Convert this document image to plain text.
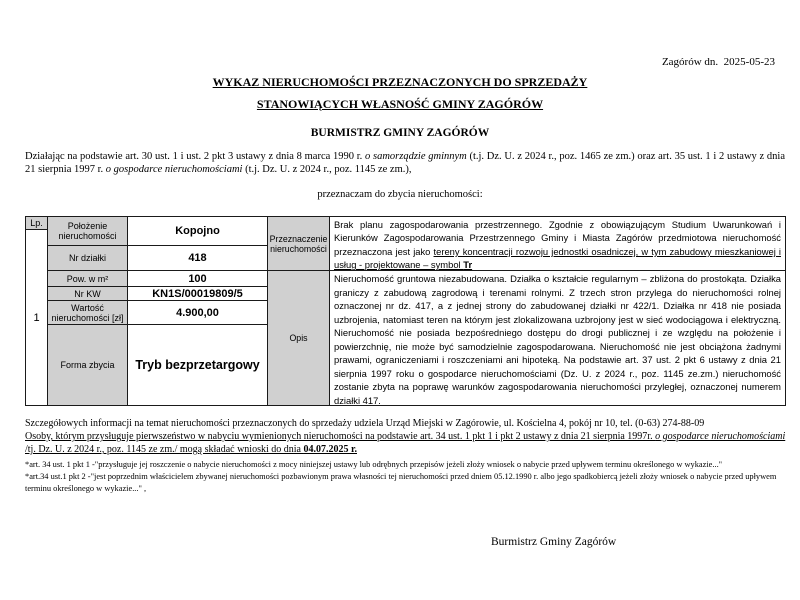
Zagórów dn.  2025-05-23
WYKAZ NIERUCHOMOŚCI PRZEZNACZONYCH DO SPRZEDAŻY
STANOWIĄCYCH WŁASNOŚĆ GMINY ZAGÓRÓW
BURMISTRZ GMINY ZAGÓRÓW
Działając na podstawie art. 30 ust. 1 i ust. 2 pkt 3 ustawy z dnia 8 marca 1990 r. o samorządzie gminnym (t.j. Dz. U. z 2024 r., poz. 1465 ze zm.) oraz art. 35 ust. 1 i 2 ustawy z dnia 21 sierpnia 1997 r. o gospodarce nieruchomościami (t.j. Dz. U. z 2024 r., poz. 1145 ze zm.),
przeznaczam do zbycia nieruchomości:
Lp.
1
Położenie nieruchomości
Nr działki
Pow. w m²
Nr KW
Wartość nieruchomości [zł]
Forma zbycia
Kopojno
418
100
KN1S/00019809/5
4.900,00
Tryb bezprzetargowy
Przeznaczenie nieruchomości
Opis
Brak planu zagospodarowania przestrzennego. Zgodnie z obowiązującym Studium Uwarunkowań i Kierunków Zagospodarowania Przestrzennego Gminy i Miasta Zagórów przedmiotowa nieruchomość przeznaczona jest jako tereny koncentracji rozwoju jednostki osadniczej, w tym zabudowy mieszkaniowej i usług - projektowane – symbol Tr
Nieruchomość gruntowa niezabudowana. Działka o kształcie regularnym – zbliżona do prostokąta. Działka graniczy z zabudową zagrodową i terenami rolnymi. Z trzech stron przylega do nieruchomości rolnej oznaczonej nr dz. 417, a z jednej strony do zabudowanej działki nr 422/1. Działka nr 418 nie posiada uzbrojenia, natomiast teren na którym jest zlokalizowana uzbrojony jest w sieć wodociągowa i elektryczną. Nieruchomość nie posiada bezpośredniego dostępu do drogi publicznej i ze względu na położenie i powierzchnię, nie może być samodzielnie zagospodarowana. Nieruchomość nie jest obciążona żadnymi prawami, ograniczeniami i roszczeniami ani hipoteką. Na podstawie art. 37 ust. 2 pkt 6 ustawy z dnia 21 sierpnia 1997 roku o gospodarce nieruchomościami (Dz. U. z 2024 r., poz. 1145 ze.zm.) nieruchomość zostanie zbyta na poprawę warunków zagospodarowania nieruchomości przyległej, oznaczonej numerem działki 417.

Szczegółowych informacji na temat nieruchomości przeznaczonych do sprzedaży udziela Urząd Miejski w Zagórowie, ul. Kościelna 4, pokój nr 10, tel. (0-63) 274-88-09

Osoby, którym przysługuje pierwszeństwo w nabyciu wymienionych nieruchomości na podstawie art. 34 ust. 1 pkt 1 i pkt 2 ustawy z dnia 21 sierpnia 1997r. o gospodarce nieruchomościami /tj. Dz. U. z 2024 r., poz. 1145 ze zm./ mogą składać wnioski do dnia 04.07.2025 r.

*art. 34 ust. 1 pkt 1 -"przysługuje jej roszczenie o nabycie nieruchomości z mocy niniejszej ustawy lub odrębnych przepisów jeżeli złoży wniosek o nabycie przed upływem terminu określonego w wykazie..."

*art.34 ust.1 pkt 2 -"jest poprzednim właścicielem zbywanej nieruchomości pozbawionym prawa własności tej nieruchomości przed dniem 05.12.1990 r. albo jego spadkobiercą jeżeli złoży wniosek o nabycie przed upływem terminu określonego w wykazie..." ,

Burmistrz Gminy Zagórów
